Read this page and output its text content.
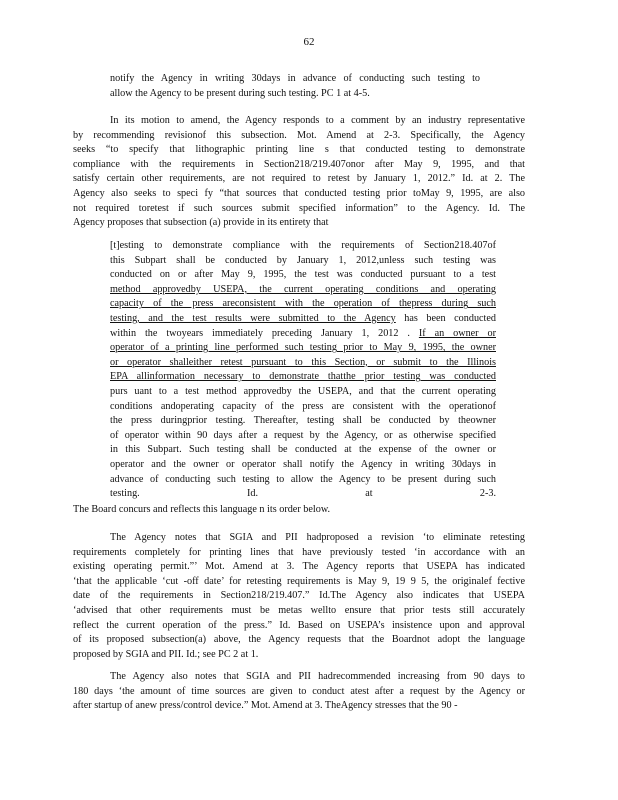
62
notify the Agency in writing 30days in advance of conducting such testing to
allow the Agency to be present during such testing. PC 1 at 4-5.
In its motion to amend, the Agency responds to a comment by an industry representative
by recommending revisionof this subsection. Mot. Amend at 2-3. Specifically, the Agency
seeks “to specify that lithographic printing line s that conducted testing to demonstrate
compliance with the requirements in Section218/219.407onor after May 9, 1995, and that
satisfy certain other requirements, are not required to retest by January 1, 2012.” Id. at 2. The
Agency also seeks to speci fy “that sources that conducted testing prior toMay 9, 1995, are also
not required toretest if such sources submit specified information” to the Agency. Id. The
Agency proposes that subsection (a) provide in its entirety that
[t]esting to demonstrate compliance with the requirements of Section218.407of
this Subpart shall be conducted by January 1, 2012,unless such testing was
conducted on or after May 9, 1995, the test was conducted pursuant to a test
method approvedby USEPA, the current operating conditions and operating
capacity of the press areconsistent with the operation of thepress during such
testing, and the test results were submitted to the Agency has been conducted
within the twoyears immediately preceding January 1, 2012 . If an owner or
operator of a printing line performed such testing prior to May 9, 1995, the owner
or operator shalleither retest pursuant to this Section, or submit to the Illinois
EPA allinformation necessary to demonstrate thatthe prior testing was conducted
purs uant to a test method approvedby the USEPA, and that the current operating
conditions andoperating capacity of the press are consistent with the operationof
the press duringprior testing. Thereafter, testing shall be conducted by theowner
of operator within 90 days after a request by the Agency, or as otherwise specified
in this Subpart. Such testing shall be conducted at the expense of the owner or
operator and the owner or operator shall notify the Agency in writing 30days in
advance of conducting such testing to allow the Agency to be present during such
testing. Id. at 2-3.
The Board concurs and reflects this language n its order below.
The Agency notes that SGIA and PII hadproposed a revision ‘to eliminate retesting
requirements completely for printing lines that have previously tested ‘in accordance with an
existing operating permit.”’ Mot. Amend at 3. The Agency reports that USEPA has indicated
‘that the applicable ‘cut -off date’ for retesting requirements is May 9, 19 9 5, the originalef fective
date of the requirements in Section218/219.407.” Id.The Agency also indicates that USEPA
‘advised that other requirements must be metas wellto ensure that prior tests still accurately
reflect the current operation of the press.” Id. Based on USEPA’s insistence upon and approval
of its proposed subsection(a) above, the Agency requests that the Boardnot adopt the language
proposed by SGIA and PII. Id.; see PC 2 at 1.
The Agency also notes that SGIA and PII hadrecommended increasing from 90 days to
180 days ‘the amount of time sources are given to conduct atest after a request by the Agency or
after startup of anew press/control device.” Mot. Amend at 3. TheAgency stresses that the 90 -
